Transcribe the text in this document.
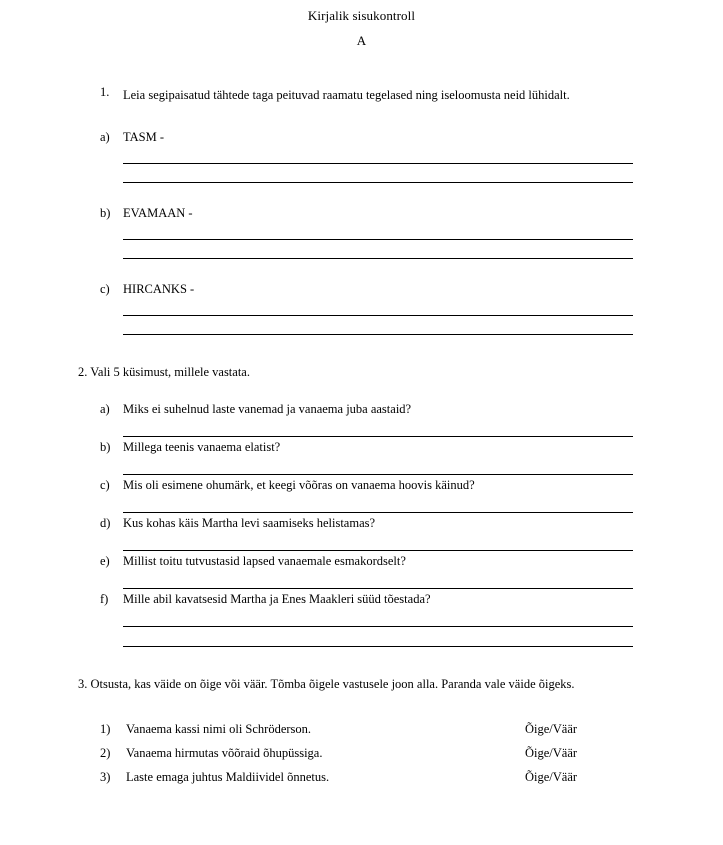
Kirjalik sisukontroll
A
1.	Leia segipaisatud tähtede taga peituvad raamatu tegelased ning iseloomusta neid lühidalt.
a)	TASM -
b)	EVAMAAN -
c)	HIRCANKS -
2. Vali 5 küsimust, millele vastata.
a)	Miks ei suhelnud laste vanemad ja vanaema juba aastaid?
b)	Millega teenis vanaema elatist?
c)	Mis oli esimene ohumärk, et keegi võõras on vanaema hoovis käinud?
d)	Kus kohas käis Martha levi saamiseks helistamas?
e)	Millist toitu tutvustasid lapsed vanaemale esmakordselt?
f)	Mille abil kavatsesid Martha ja Enes Maakleri süüd tõestada?
3. Otsusta, kas väide on õige või väär. Tõmba õigele vastusele joon alla. Paranda vale väide õigeks.
1)	Vanaema kassi nimi oli Schröderson.	Õige/Väär
2)	Vanaema hirmutas võõraid õhupüssiga.	Õige/Väär
3)	Laste emaga juhtus Maldiividel õnnetus.	Õige/Väär
